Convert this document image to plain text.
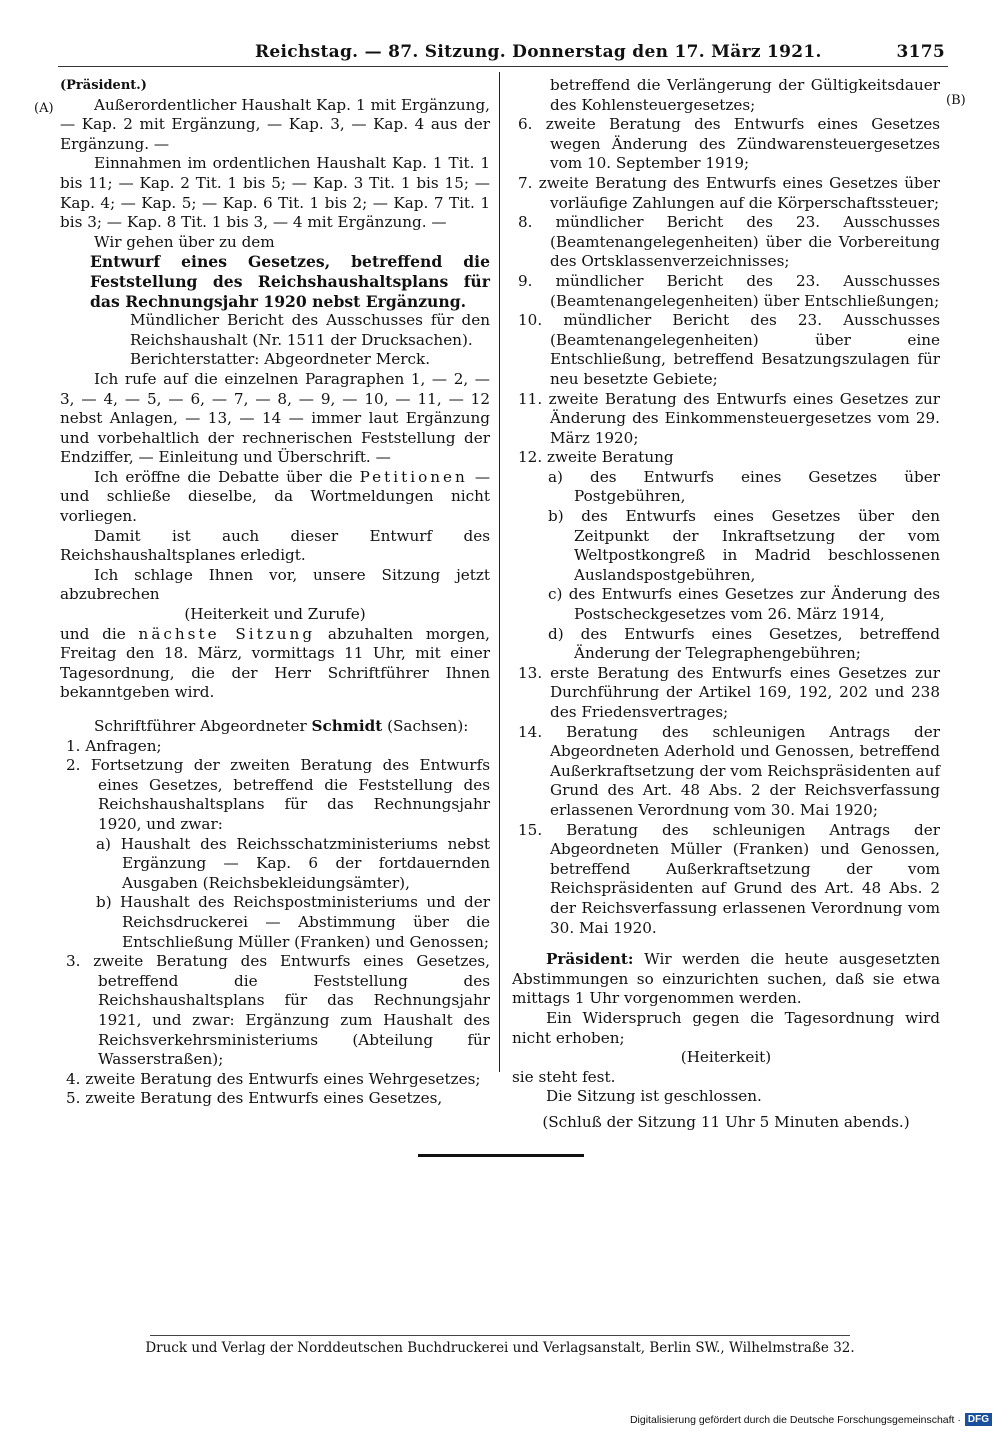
Reichstag. — 87. Sitzung. Donnerstag den 17. März 1921.	3175
(A)
(B)

(Präsident.)

Außerordentlicher Haushalt Kap. 1 mit Ergänzung, — Kap. 2 mit Ergänzung, — Kap. 3, — Kap. 4 aus der Ergänzung. —

Einnahmen im ordentlichen Haushalt Kap. 1 Tit. 1 bis 11; — Kap. 2 Tit. 1 bis 5; — Kap. 3 Tit. 1 bis 15; — Kap. 4; — Kap. 5; — Kap. 6 Tit. 1 bis 2; — Kap. 7 Tit. 1 bis 3; — Kap. 8 Tit. 1 bis 3, — 4 mit Ergänzung. —

Wir gehen über zu dem

Entwurf eines Gesetzes, betreffend die Feststellung des Reichshaushaltsplans für das Rechnungsjahr 1920 nebst Ergänzung.

Mündlicher Bericht des Ausschusses für den Reichshaushalt (Nr. 1511 der Drucksachen).

Berichterstatter: Abgeordneter Merck.

Ich rufe auf die einzelnen Paragraphen 1, — 2, — 3, — 4, — 5, — 6, — 7, — 8, — 9, — 10, — 11, — 12 nebst Anlagen, — 13, — 14 — immer laut Ergänzung und vorbehaltlich der rechnerischen Feststellung der Endziffer, — Einleitung und Überschrift. —

Ich eröffne die Debatte über die Petitionen — und schließe dieselbe, da Wortmeldungen nicht vorliegen.

Damit ist auch dieser Entwurf des Reichshaushaltsplanes erledigt.

Ich schlage Ihnen vor, unsere Sitzung jetzt abzubrechen

(Heiterkeit und Zurufe)

und die nächste Sitzung abzuhalten morgen, Freitag den 18. März, vormittags 11 Uhr, mit einer Tagesordnung, die der Herr Schriftführer Ihnen bekanntgeben wird.

Schriftführer Abgeordneter Schmidt (Sachsen):

1. Anfragen;
2. Fortsetzung der zweiten Beratung des Entwurfs eines Gesetzes, betreffend die Feststellung des Reichshaushaltsplans für das Rechnungsjahr 1920, und zwar:
a) Haushalt des Reichsschatzministeriums nebst Ergänzung — Kap. 6 der fortdauernden Ausgaben (Reichsbekleidungsämter),
b) Haushalt des Reichspostministeriums und der Reichsdruckerei — Abstimmung über die Entschließung Müller (Franken) und Genossen;
3. zweite Beratung des Entwurfs eines Gesetzes, betreffend die Feststellung des Reichshaushaltsplans für das Rechnungsjahr 1921, und zwar: Ergänzung zum Haushalt des Reichsverkehrsministeriums (Abteilung für Wasserstraßen);
4. zweite Beratung des Entwurfs eines Wehrgesetzes;
5. zweite Beratung des Entwurfs eines Gesetzes,

betreffend die Verlängerung der Gültigkeitsdauer des Kohlensteuergesetzes;

6. zweite Beratung des Entwurfs eines Gesetzes wegen Änderung des Zündwarensteuergesetzes vom 10. September 1919;
7. zweite Beratung des Entwurfs eines Gesetzes über vorläufige Zahlungen auf die Körperschaftssteuer;
8. mündlicher Bericht des 23. Ausschusses (Beamtenangelegenheiten) über die Vorbereitung des Ortsklassenverzeichnisses;
9. mündlicher Bericht des 23. Ausschusses (Beamtenangelegenheiten) über Entschließungen;
10. mündlicher Bericht des 23. Ausschusses (Beamtenangelegenheiten) über eine Entschließung, betreffend Besatzungszulagen für neu besetzte Gebiete;
11. zweite Beratung des Entwurfs eines Gesetzes zur Änderung des Einkommensteuergesetzes vom 29. März 1920;
12. zweite Beratung
a) des Entwurfs eines Gesetzes über Postgebühren,
b) des Entwurfs eines Gesetzes über den Zeitpunkt der Inkraftsetzung der vom Weltpostkongreß in Madrid beschlossenen Auslandspostgebühren,
c) des Entwurfs eines Gesetzes zur Änderung des Postscheckgesetzes vom 26. März 1914,
d) des Entwurfs eines Gesetzes, betreffend Änderung der Telegraphengebühren;
13. erste Beratung des Entwurfs eines Gesetzes zur Durchführung der Artikel 169, 192, 202 und 238 des Friedensvertrages;
14. Beratung des schleunigen Antrags der Abgeordneten Aderhold und Genossen, betreffend Außerkraftsetzung der vom Reichspräsidenten auf Grund des Art. 48 Abs. 2 der Reichsverfassung erlassenen Verordnung vom 30. Mai 1920;
15. Beratung des schleunigen Antrags der Abgeordneten Müller (Franken) und Genossen, betreffend Außerkraftsetzung der vom Reichspräsidenten auf Grund des Art. 48 Abs. 2 der Reichsverfassung erlassenen Verordnung vom 30. Mai 1920.

Präsident: Wir werden die heute ausgesetzten Abstimmungen so einzurichten suchen, daß sie etwa mittags 1 Uhr vorgenommen werden.

Ein Widerspruch gegen die Tagesordnung wird nicht erhoben;

(Heiterkeit)

sie steht fest.

Die Sitzung ist geschlossen.

(Schluß der Sitzung 11 Uhr 5 Minuten abends.)

Druck und Verlag der Norddeutschen Buchdruckerei und Verlagsanstalt, Berlin SW., Wilhelmstraße 32.
Digitalisierung gefördert durch die Deutsche Forschungsgemeinschaft · DFG
